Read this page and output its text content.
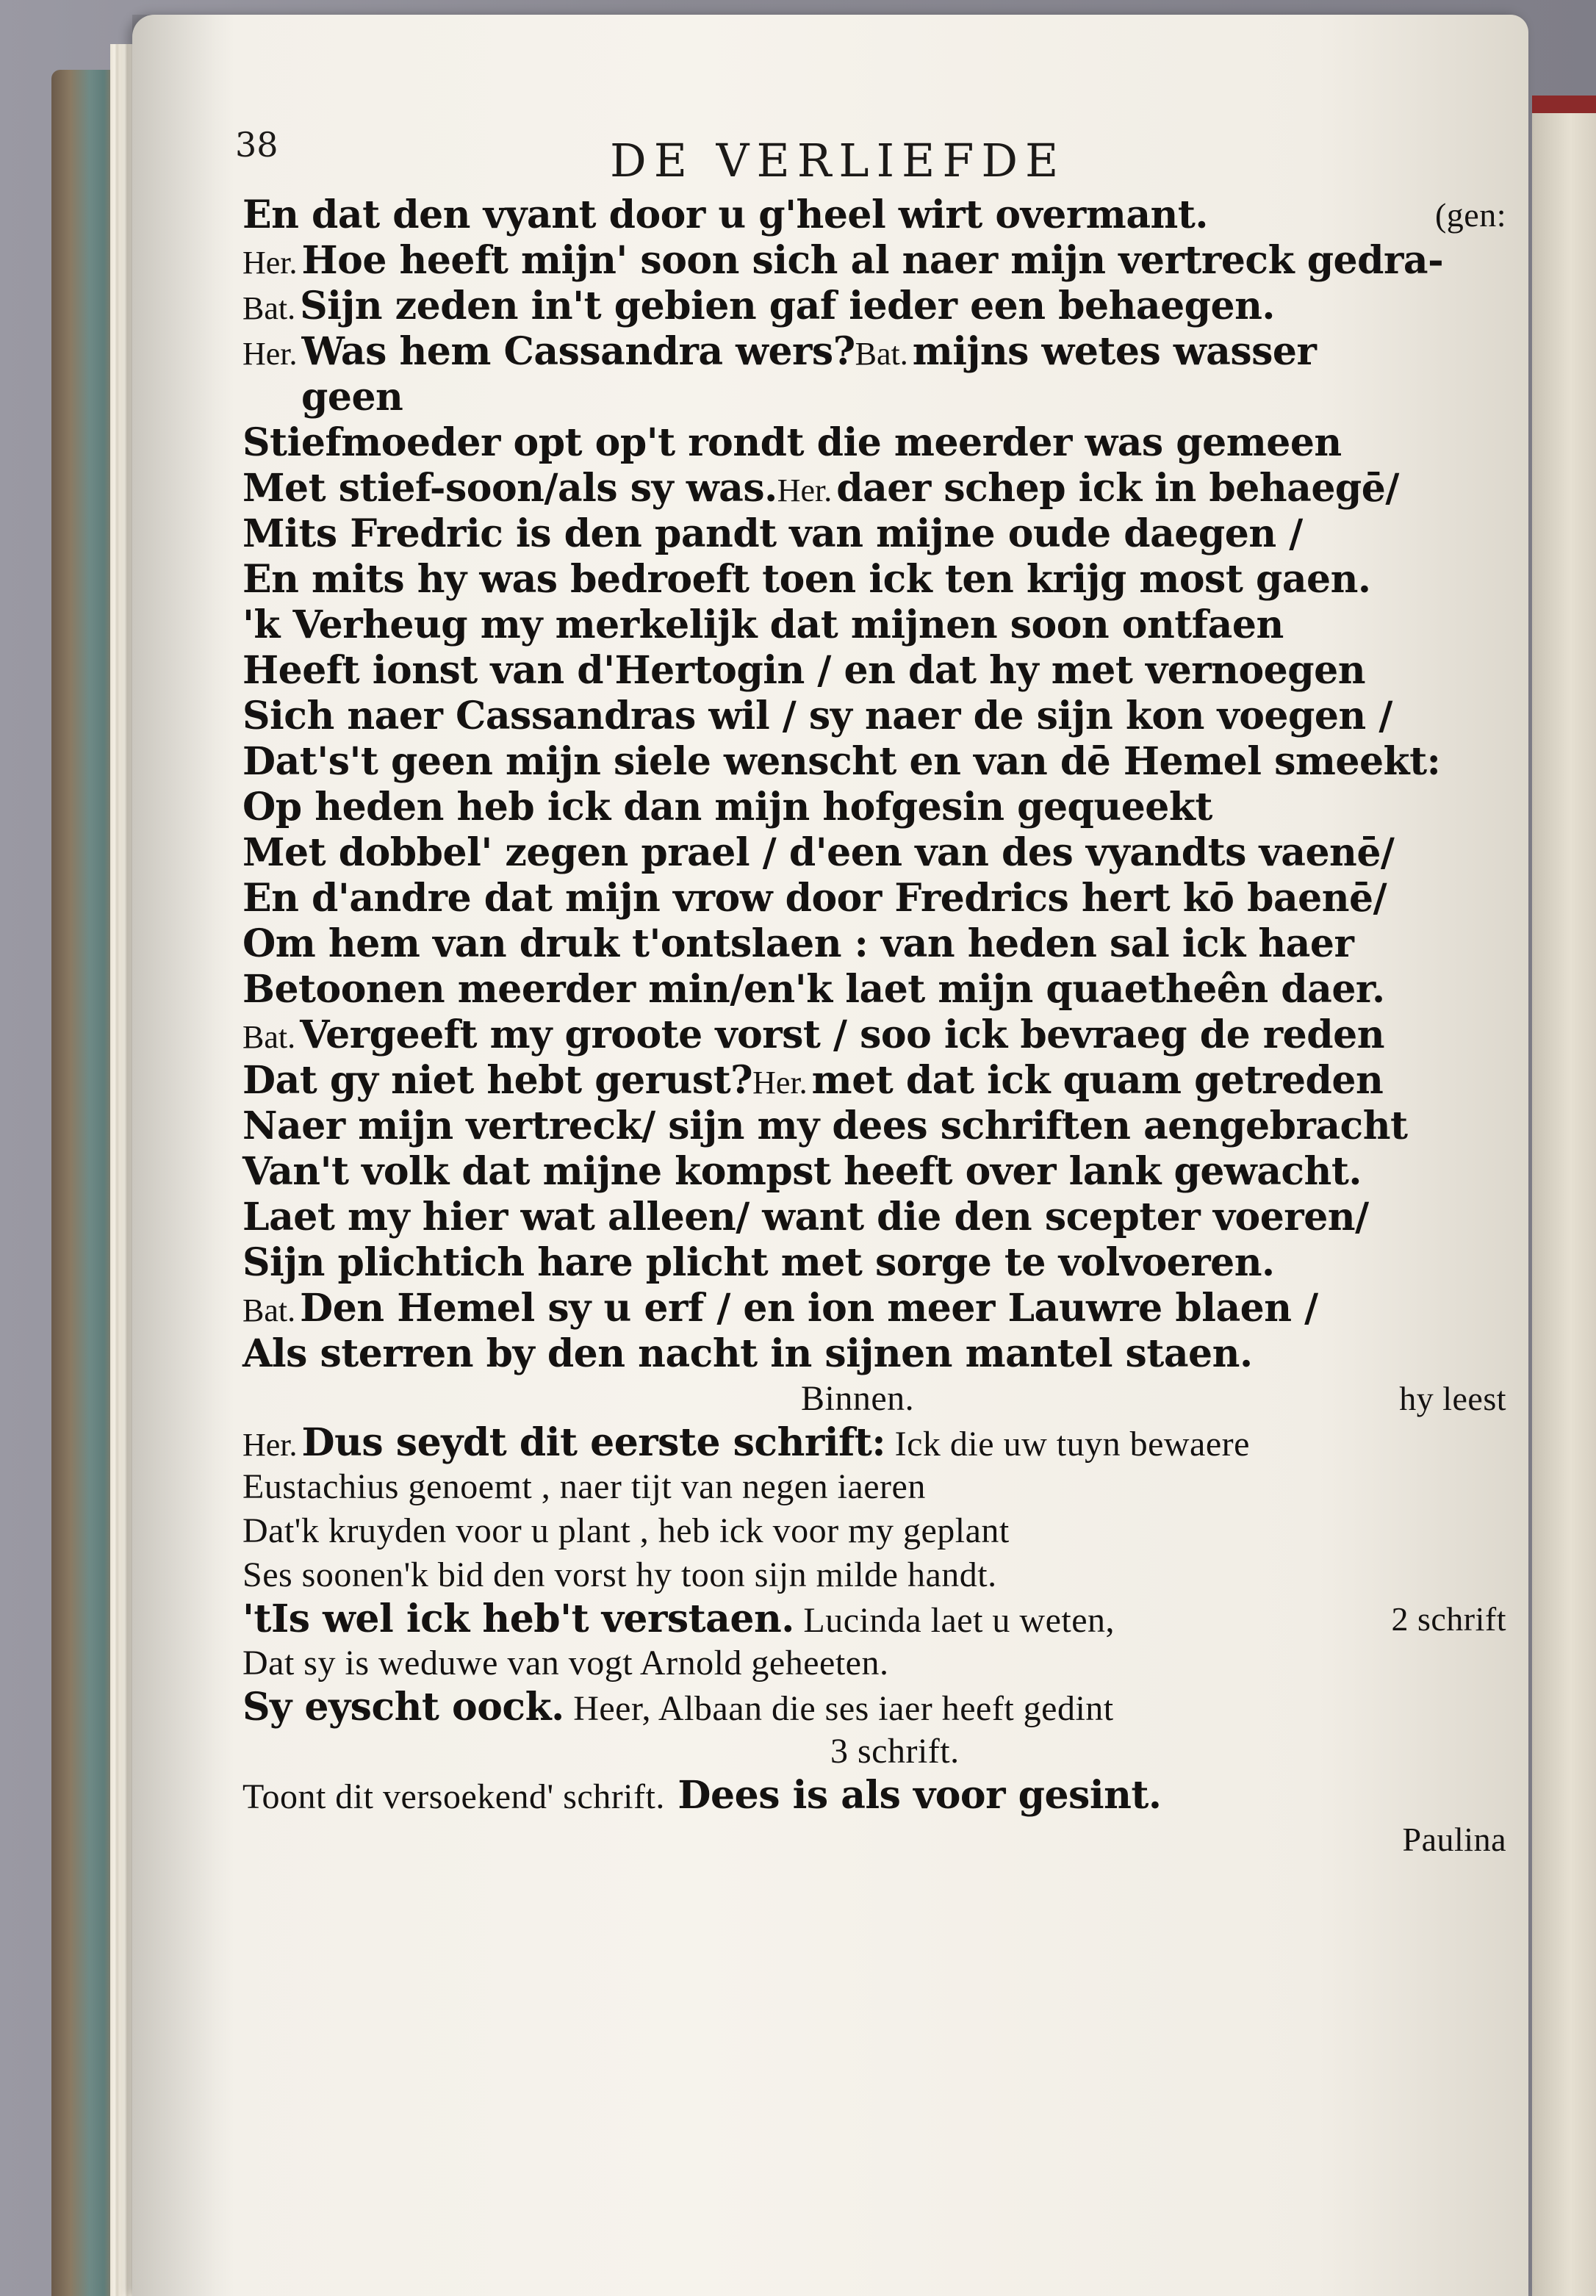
38	DE VERLIEFDE
En dat den vyant door u g'heel wirt overmant.	(gen:
Her. Hoe heeft mijn' soon sich al naer mijn vertreck gedra-
Bat. Sijn zeden in't gebien gaf ieder een behaegen.
Her. Was hem Cassandra wers?Bat. mijns wetes wasser
geen
Stiefmoeder opt op't rondt die meerder was gemeen
Met stief-soon/als sy was.Her. daer schep ick in behaegē/
Mits Fredric is den pandt van mijne oude daegen /
En mits hy was bedroeft toen ick ten krijg most gaen.
'k Verheug my merkelijk dat mijnen soon ontfaen
Heeft ionst van d'Hertogin / en dat hy met vernoegen
Sich naer Cassandras wil / sy naer de sijn kon voegen /
Dat's't geen mijn siele wenscht en van dē Hemel smeekt:
Op heden heb ick dan mijn hofgesin gequeekt
Met dobbel' zegen prael / d'een van des vyandts vaenē/
En d'andre dat mijn vrow door Fredrics hert kō baenē/
Om hem van druk t'ontslaen : van heden sal ick haer
Betoonen meerder min/en'k laet mijn quaetheên daer.
Bat. Vergeeft my groote vorst / soo ick bevraeg de reden
Dat gy niet hebt gerust?Her. met dat ick quam getreden
Naer mijn vertreck/ sijn my dees schriften aengebracht
Van't volk dat mijne kompst heeft over lank gewacht.
Laet my hier wat alleen/ want die den scepter voeren/
Sijn plichtich hare plicht met sorge te volvoeren.
Bat. Den Hemel sy u erf / en ion meer Lauwre blaen /
Als sterren by den nacht in sijnen mantel staen.
Binnen.	hy leest
Her. Dus seydt dit eerste schrift: Ick die uw tuyn bewaere
Eustachius genoemt , naer tijt van negen iaeren
Dat'k kruyden voor u plant , heb ick voor my geplant
Ses soonen'k bid den vorst hy toon sijn milde handt.
'tIs wel ick heb't verstaen. Lucinda laet u weten,	2 schrift
Dat sy is weduwe van vogt Arnold geheeten.
Sy eyscht oock. Heer, Albaan die ses iaer heeft gedint
3 schrift.
Toont dit versoekend' schrift. Dees is als voor gesint.
Paulina
